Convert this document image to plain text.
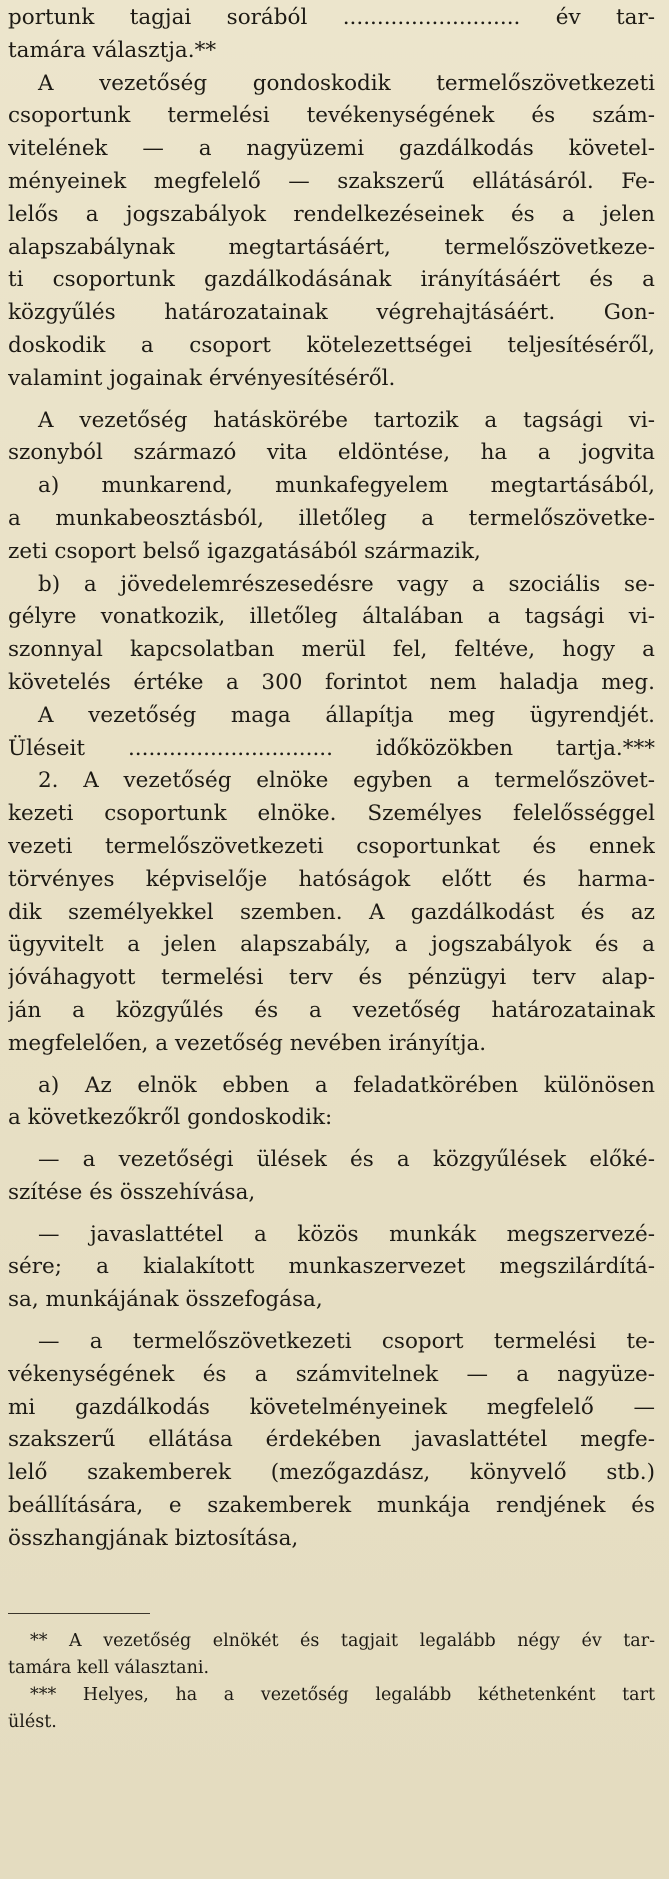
portunk tagjai sorából .......................... év tar-
tamára választja.**
A vezetőség gondoskodik termelőszövetkezeti
csoportunk termelési tevékenységének és szám-
vitelének — a nagyüzemi gazdálkodás követel-
ményeinek megfelelő — szakszerű ellátásáról. Fe-
lelős a jogszabályok rendelkezéseinek és a jelen
alapszabálynak megtartásáért, termelőszövetkeze-
ti csoportunk gazdálkodásának irányításáért és a
közgyűlés határozatainak végrehajtásáért. Gon-
doskodik a csoport kötelezettségei teljesítéséről,
valamint jogainak érvényesítéséről.
A vezetőség hatáskörébe tartozik a tagsági vi-
szonyból származó vita eldöntése, ha a jogvita
a) munkarend, munkafegyelem megtartásából,
a munkabeosztásból, illetőleg a termelőszövetke-
zeti csoport belső igazgatásából származik,
b) a jövedelemrészesedésre vagy a szociális se-
gélyre vonatkozik, illetőleg általában a tagsági vi-
szonnyal kapcsolatban merül fel, feltéve, hogy a
követelés értéke a 300 forintot nem haladja meg.
A vezetőség maga állapítja meg ügyrendjét.
Üléseit .............................. időközökben tartja.***
2. A vezetőség elnöke egyben a termelőszövet-
kezeti csoportunk elnöke. Személyes felelősséggel
vezeti termelőszövetkezeti csoportunkat és ennek
törvényes képviselője hatóságok előtt és harma-
dik személyekkel szemben. A gazdálkodást és az
ügyvitelt a jelen alapszabály, a jogszabályok és a
jóváhagyott termelési terv és pénzügyi terv alap-
ján a közgyűlés és a vezetőség határozatainak
megfelelően, a vezetőség nevében irányítja.
a) Az elnök ebben a feladatkörében különösen
a következőkről gondoskodik:
— a vezetőségi ülések és a közgyűlések előké-
szítése és összehívása,
— javaslattétel a közös munkák megszervezé-
sére; a kialakított munkaszervezet megszilárdítá-
sa, munkájának összefogása,
— a termelőszövetkezeti csoport termelési te-
vékenységének és a számvitelnek — a nagyüze-
mi gazdálkodás követelményeinek megfelelő —
szakszerű ellátása érdekében javaslattétel megfe-
lelő szakemberek (mezőgazdász, könyvelő stb.)
beállítására, e szakemberek munkája rendjének és
összhangjának biztosítása,
** A vezetőség elnökét és tagjait legalább négy év tar-
tamára kell választani.
*** Helyes, ha a vezetőség legalább kéthetenként tart
ülést.
